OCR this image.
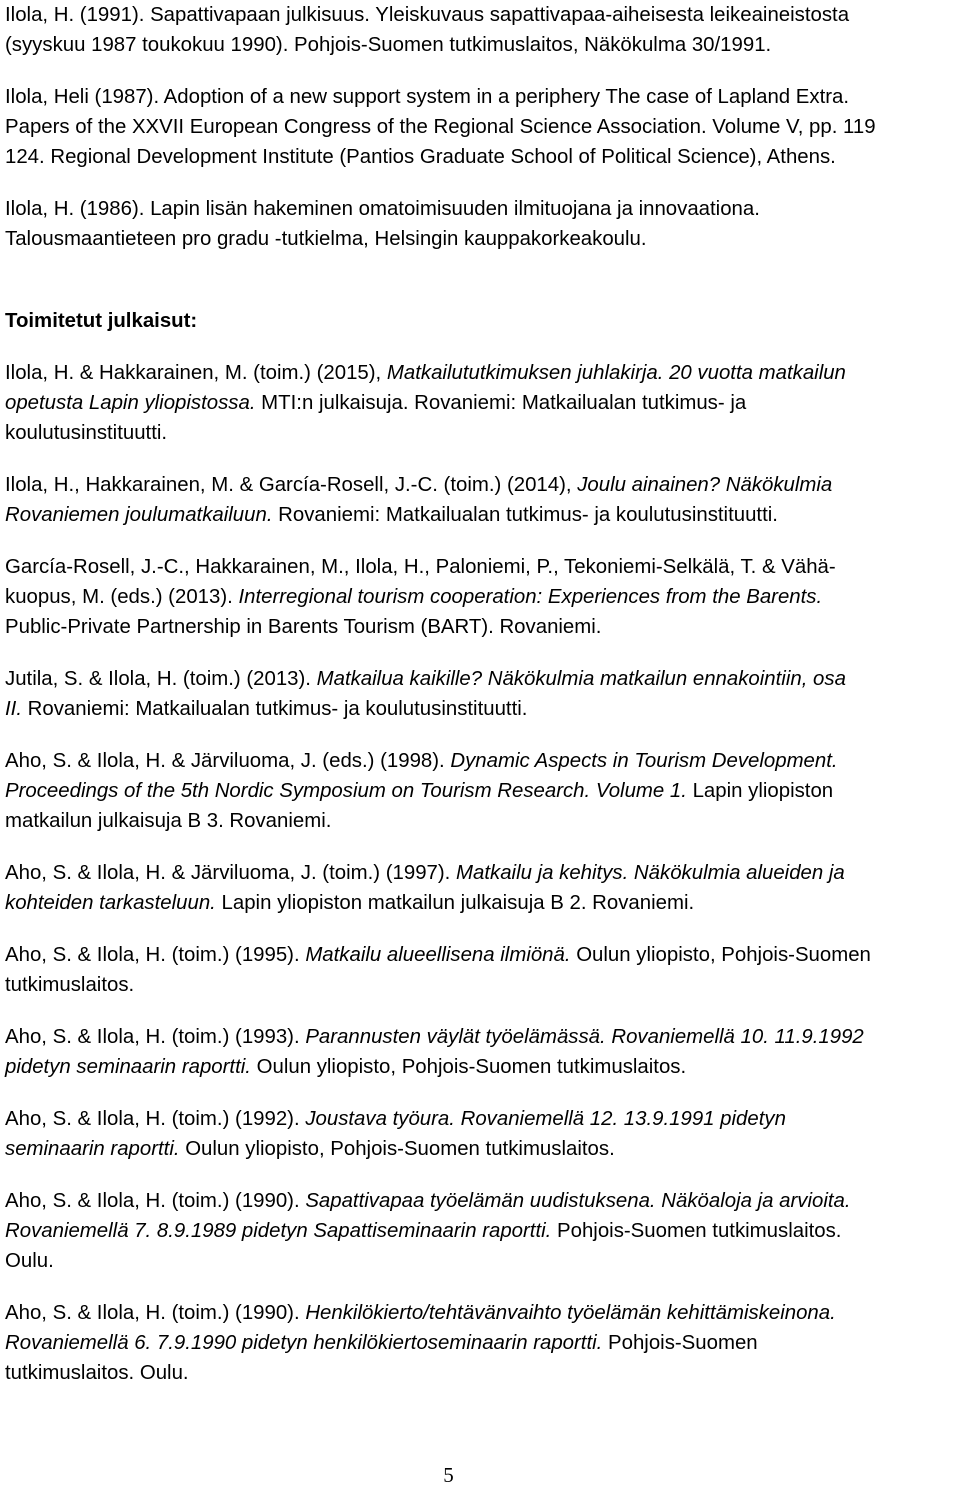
Ilola, H. (1991). Sapattivapaan julkisuus. Yleiskuvaus sapattivapaa-aiheisesta leikeaineistosta
(syyskuu 1987 toukokuu 1990). Pohjois-Suomen tutkimuslaitos, Näkökulma 30/1991.
Ilola, Heli (1987). Adoption of a new support system in a periphery The case of Lapland Extra.
Papers of the XXVII European Congress of the Regional Science Association. Volume V, pp. 119
124. Regional Development Institute (Pantios Graduate School of Political Science), Athens.
Ilola, H. (1986). Lapin lisän hakeminen omatoimisuuden ilmituojana ja innovaationa.
Talousmaantieteen pro gradu -tutkielma, Helsingin kauppakorkeakoulu.
Toimitetut julkaisut:
Ilola, H. & Hakkarainen, M. (toim.) (2015), Matkailututkimuksen juhlakirja. 20 vuotta matkailun
opetusta Lapin yliopistossa. MTI:n julkaisuja. Rovaniemi: Matkailualan tutkimus- ja
koulutusinstituutti.
Ilola, H., Hakkarainen, M. & García-Rosell, J.-C. (toim.) (2014), Joulu ainainen? Näkökulmia
Rovaniemen joulumatkailuun. Rovaniemi: Matkailualan tutkimus- ja koulutusinstituutti.
García-Rosell, J.-C., Hakkarainen, M., Ilola, H., Paloniemi, P., Tekoniemi-Selkälä, T. & Vähä-
kuopus, M. (eds.) (2013). Interregional tourism cooperation: Experiences from the Barents.
Public-Private Partnership in Barents Tourism (BART). Rovaniemi.
Jutila, S. & Ilola, H. (toim.) (2013). Matkailua kaikille? Näkökulmia matkailun ennakointiin, osa
II. Rovaniemi: Matkailualan tutkimus- ja koulutusinstituutti.
Aho, S. & Ilola, H. & Järviluoma, J. (eds.) (1998). Dynamic Aspects in Tourism Development.
Proceedings of the 5th Nordic Symposium on Tourism Research. Volume 1. Lapin yliopiston
matkailun julkaisuja B 3. Rovaniemi.
Aho, S. & Ilola, H. & Järviluoma, J. (toim.) (1997). Matkailu ja kehitys. Näkökulmia alueiden ja
kohteiden tarkasteluun. Lapin yliopiston matkailun julkaisuja B 2. Rovaniemi.
Aho, S. & Ilola, H. (toim.) (1995). Matkailu alueellisena ilmiönä. Oulun yliopisto, Pohjois-Suomen
tutkimuslaitos.
Aho, S. & Ilola, H. (toim.) (1993). Parannusten väylät työelämässä. Rovaniemellä 10. 11.9.1992
pidetyn seminaarin raportti. Oulun yliopisto, Pohjois-Suomen tutkimuslaitos.
Aho, S. & Ilola, H. (toim.) (1992). Joustava työura. Rovaniemellä 12. 13.9.1991 pidetyn
seminaarin raportti. Oulun yliopisto, Pohjois-Suomen tutkimuslaitos.
Aho, S. & Ilola, H. (toim.) (1990). Sapattivapaa työelämän uudistuksena. Näköaloja ja arvioita.
Rovaniemellä 7. 8.9.1989 pidetyn Sapattiseminaarin raportti. Pohjois-Suomen tutkimuslaitos.
Oulu.
Aho, S. & Ilola, H. (toim.) (1990). Henkilökierto/tehtävänvaihto työelämän kehittämiskeinona.
Rovaniemellä 6. 7.9.1990 pidetyn henkilökiertoseminaarin raportti. Pohjois-Suomen
tutkimuslaitos. Oulu.
5
